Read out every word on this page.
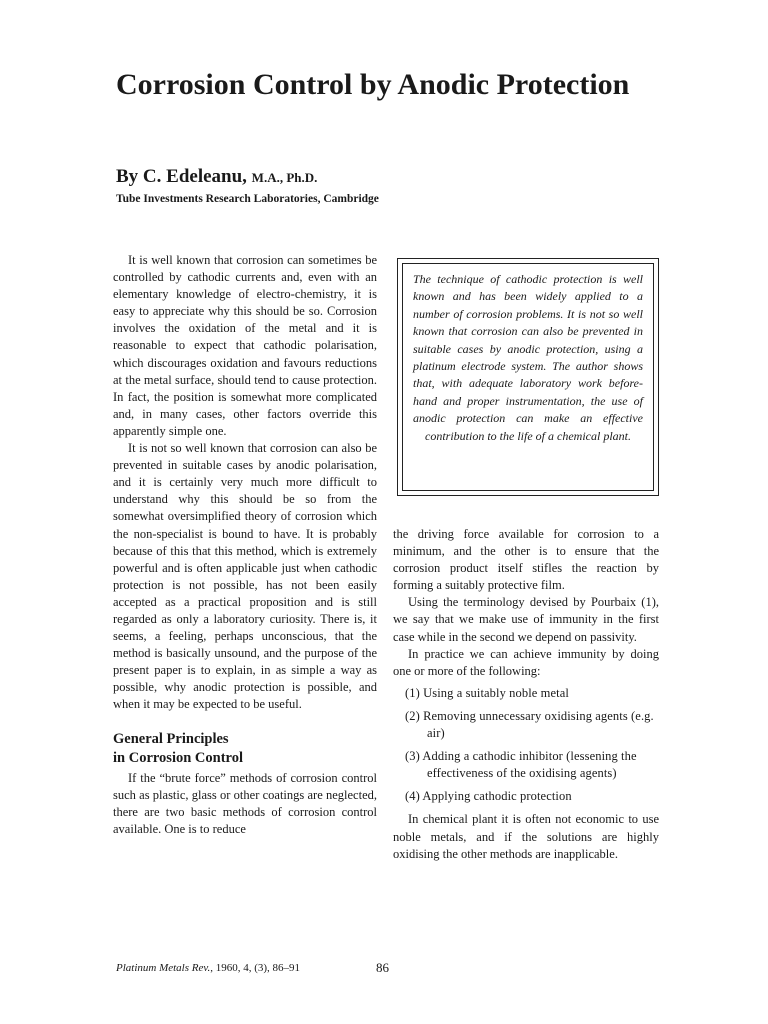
Corrosion Control by Anodic Protection
By C. Edeleanu, M.A., Ph.D.
Tube Investments Research Laboratories, Cambridge

It is well known that corrosion can sometimes be controlled by cathodic currents and, even with an elementary knowledge of electro-chemistry, it is easy to appreciate why this should be so. Corrosion involves the oxidation of the metal and it is reasonable to expect that cathodic polarisation, which discourages oxidation and favours reductions at the metal surface, should tend to cause protection. In fact, the position is somewhat more complicated and, in many cases, other factors override this apparently simple one.

It is not so well known that corrosion can also be prevented in suitable cases by anodic polarisation, and it is certainly very much more difficult to understand why this should be so from the somewhat oversimplified theory of corrosion which the non-specialist is bound to have. It is probably because of this that this method, which is extremely powerful and is often applicable just when cathodic protection is not possible, has not been easily accepted as a practical proposition and is still regarded as only a laboratory curiosity. There is, it seems, a feeling, perhaps unconscious, that the method is basically unsound, and the purpose of the present paper is to explain, in as simple a way as possible, why anodic protection is possible, and when it may be expected to be useful.

General Principles
in Corrosion Control

If the “brute force” methods of corrosion control such as plastic, glass or other coatings are neglected, there are two basic methods of corrosion control available. One is to reduce

The technique of cathodic protection is well known and has been widely applied to a number of corrosion problems. It is not so well known that corrosion can also be prevented in suitable cases by anodic protection, using a platinum electrode system. The author shows that, with adequate laboratory work before-hand and proper instrumentation, the use of anodic protection can make an effective contribution to the life of a chemical plant.

the driving force available for corrosion to a minimum, and the other is to ensure that the corrosion product itself stifles the reaction by forming a suitably protective film.

Using the terminology devised by Pourbaix (1), we say that we make use of immunity in the first case while in the second we depend on passivity.

In practice we can achieve immunity by doing one or more of the following:

(1) Using a suitably noble metal
(2) Removing unnecessary oxidising agents (e.g. air)
(3) Adding a cathodic inhibitor (lessening the effectiveness of the oxidising agents)
(4) Applying cathodic protection

In chemical plant it is often not economic to use noble metals, and if the solutions are highly oxidising the other methods are inapplicable.

Platinum Metals Rev., 1960, 4, (3), 86–91	86
